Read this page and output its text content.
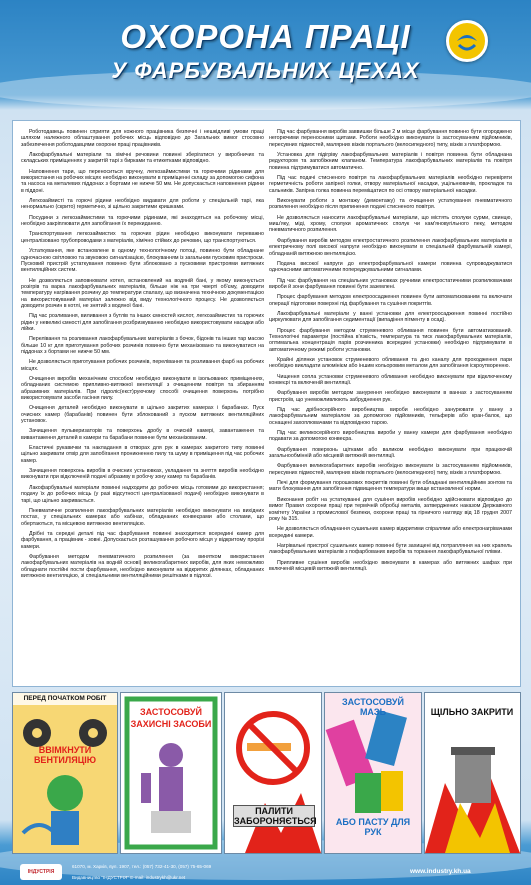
ОХОРОНА ПРАЦІ
У ФАРБУВАЛЬНИХ ЦЕХАХ

Роботодавець повинен сприяти для кожного працівника безпечні і нешкідливі умови праці шляхом належного облаштування робочих місць відповідно до Загальних вимог стосовно забезпечення роботодавцями охорони праці працівників.

Лакофарбувальні матеріали та хімічні речовини повинні зберігатися у виробничих та складських приміщеннях у закритій тарі з бирками та етикетками відповідно.

Наповнення тари, що переноситься вручну, легкозаймистими та горючими рідинами для використання на робочих місцях необхідно виконувати в приміщенні складу за допомогою сифона та насоса на металевих піддонах з бортами не нижче 50 мм. Не допускається наповнення рідини в піддоні.

Легкозаймисті та горючі рідини необхідно видавати для роботи у спеціальній тарі, яка ненормально (скрито) герметично, зі щільно закритими кришками.

Посудини з легкозаймистими та горючими рідинами, які знаходяться на робочому місці, необхідно закріплювати для запобігання їх перекиданню.

Транспортування легкозаймистих та горючих рідин необхідно виконувати переважно централізовано трубопроводами з матеріалів, хімічно стійких до речовин, що транспортуються.

Устаткування, яке встановлене в одному технологічному потоці, повинно бути обладнане одночасною світловою та звуковою сигналізацією, блокуванням із загальним пусковим пристроєм. Пусковий пристрій устаткування повинно бути зблоковано з пусковими пристроями витяжних вентиляційних систем.

Не дозволяється заповнювати котел, встановлений на водяній бані, у якому виконується розігрів та варка лакофарбувальних матеріалів, більше ніж на три чверті об'єму, доводити температуру нагрівання розчину до температури спалаху, що визначена технічною документацією на використовуваний матеріал залежно від виду технологічного процесу. Не дозволяється доводити розчин в котлі, не знятий з водяної бані.

Під час розливання, виливання з бутлів та інших ємностей кислот, легкозаймистих та горючих рідин у невеликі ємності для запобігання розбризкуванню необхідно використовувати насадки або лійки.

Перелівання та розливання лакофарбувальних матеріалів з бочок, бідонів та інших тар масою більше 10 кг для приготування робочих розчинів повинно бути механізовано та виконуватися на піддонах з бортами не нижче 50 мм.

Не дозволяється приготування робочих розчинів, перелівання та розливання фарб на робочих місцях.

Очищення виробів механічним способом необхідно виконувати в ізольованих приміщеннях, обладнаних системою припливно-витяжної вентиляції з очищенням повітря та збиранням абразивних матеріалів. При гідроліс(екст)руючому способі очищення поверхонь потрібно використовувати засоби гасіння пилу.

Очищення деталей необхідно виконувати в щільно закритих камерах і барабанах. Пуск очисних камер (барабанів) повинен бути зблокований з пуском витяжних вентиляційних установок.

Зачищення пульверизаторів та поверхонь дробу в очисній камері, завантаження та вивантаження деталей в камери та барабани повинне бути механізованим.

Еластичні рукавички та накладання в отворах для рук в камерах закритого типу повинні щільно закривати отвір для запобігання проникненню пилу та шуму в приміщення під час робочих камер.

Зачищення поверхонь виробів в очисних установках, укладання та зняття виробів необхідно виконувати при відключеній подачі абразиву в робочу зону камер та барабанів.

Лакофарбувальні матеріали повинні надходити до робочих місць готовими до використання; подачу їх до робочих місць (у разі відсутності централізованої подачі) необхідно виконувати в тарі, що щільно закривається.

Пневматичне розпилення лакофарбувальних матеріалів необхідно виконувати на вихідних постах, у спеціальних камерах або кабінах, обладнаних конвеєрами або столами, що обертаються, та місцевою витяжною вентиляцією.

Дрібні та середні деталі під час фарбування повинні знаходитися всередині камер для фарбування, а працівник - зовні. Допускається розташування робочого місця у відкритому прорізі камери.

Фарбування методом пневматичного розпилення (за винятком використання лакофарбувальних матеріалів на водній основі) великогабаритних виробів, для яких неможливо обладнати постійні пости фарбування, необхідно виконувати на відкритих ділянках, обладнаних витяжною вентиляцією, зі спеціальними вентиляційними решітками в підлозі.

Під час фарбування виробів заввишки більше 2 м місце фарбування повинно бути огороджено негорючими переносними щитами. Роботи необхідно виконувати із застосуванням підйомників, пересувних підмостей, малярних візків порталього (велосипедного) типу, візків з платформою.

Установка для підігріву лакофарбувальних матеріалів і повітря повинна бути обладнана редуктором та запобіжним клапаном. Температура лакофарбувальних матеріалів та повітря повинна підтримуватися автоматично.

Під час подачі стисненого повітря та лакофарбувальних матеріалів необхідно перевіряти герметичність роботи запірної голки, отвору матеріальної насадки, ущільнювачів, прокладок та сальників. Запірна голка повинна переміщатися по осі отвору матеріальної насадки.

Виконувати роботи з монтажу (демонтажу) та очищення устаткування пневматичного розпилення необхідно після припинення подачі стисненого повітря.

Не дозволяється наносити лакофарбувальні матеріали, що містять сполуки сурми, свинцю, миш'яку, міді, хрому, сполуки ароматичних сполук чи кам'яновугільного пеку, методом пневматичного розпилення.

Фарбування виробів методом електростатичного розпилення лакофарбувальних матеріалів в електричному полі високої напруги необхідно виконувати в спеціальній фарбувальній камері, обладнаній витяжною вентиляцією.

Подача високої напруги до електрофарбувальної камери повинна супроводжуватися одночасними автоматичними попереджувальними сигналами.

Під час фарбування на спеціальних установках ручними електростатичними розпилювачами вироби й зони фарбування повинні бути заземлені.

Процес фарбування методом електроосадження повинен бути автоматизованим та включати операції підготовки поверхні під фарбування та сушіння покриттів.

Лакофарбувальні матеріали у ванні установки для електроосадження повинні постійно циркулювати для запобігання седиментації (випадіння пігменту в осад).

Процес фарбування методом струменевого обливання повинен бути автоматизований. Технологічні параметри (постійна в'язкість, температура та тиск лакофарбувальних матеріалів, оптимальна концентрація парів розчинника всередині установки) необхідно підтримувати в автоматичному режимі роботи установки.

Крайні ділянки установок струменевого обливання та дно каналу для проходження пари необхідно викладати алюмінієм або іншим кольоровим металом для запобігання іскроутворенню.

Чищення сопла установки струменевого обливання необхідно виконувати при відключеному конвеєрі та включеній вентиляції.

Фарбування виробів методом занурення необхідно виконувати в ваннах з застосуванням пристроїв, що унеможливлюють забруднення рук.

Під час дрібносерійного виробництва вироби необхідно занурювати у ванну з лакофарбувальним матеріалом за допомогою підйомників, тельферів або кран-балок, що оснащені захоплювачами та відповідною тарою.

Під час великосерійного виробництва вироби у ванну камери для фарбування необхідно подавати за допомогою конвеєра.

Фарбування поверхонь щітками або валиком необхідно виконувати при працюючій загальнообмінній або місцевій витяжній вентиляції.

Фарбування великогабаритних виробів необхідно виконувати із застосуванням підйомників, пересувних підмостей, малярних візків порталього (велосипедного) типу, візків з платформою.

Печі для формування порошкових покриттів повинні бути обладнані вентиляційним зонтом та мати блокування для запобігання підвищення температури вище встановленої норми.

Виконання робіт на устаткуванні для сушіння виробів необхідно здійснювати відповідно до вимог Правил охорони праці при термічній обробці металів, затверджених наказом Державного комітету України з промислової безпеки, охорони праці та гірничого нагляду від 18 грудня 2007 року № 315.

Не дозволяється обладнання сушильних камер відкритими спіралями або електронагрівачами всередині камери.

Нагрівальні пристрої сушильних камер повинні бути захищені від потрапляння на них крапель лакофарбувальних матеріалів з пофарбованих виробів та торкання лакофарбувальної плівки.

Припливне сушіння виробів необхідно виконувати в камерах або витяжних шафах при включеній місцевій витяжній вентиляції.

ПЕРЕД ПОЧАТКОМ РОБІТ
ВВІМКНУТИ ВЕНТИЛЯЦІЮ
ЗАСТОСОВУЙ
ЗАХИСНІ ЗАСОБИ
ПАЛИТИ ЗАБОРОНЯЄТЬСЯ
ЗАСТОСОВУЙ МАЗЬ
АБО ПАСТУ ДЛЯ РУК
ЩІЛЬНО ЗАКРИТИ
ІНДУСТРІЯ
61070, м. Харків, вул. 1907, тел.: (057) 732-41-30, (057) 75-65-069
Видавництво "ІНДУСТРІЯ" E-mail: industrykh@ukr.net
www.industry.kh.ua
